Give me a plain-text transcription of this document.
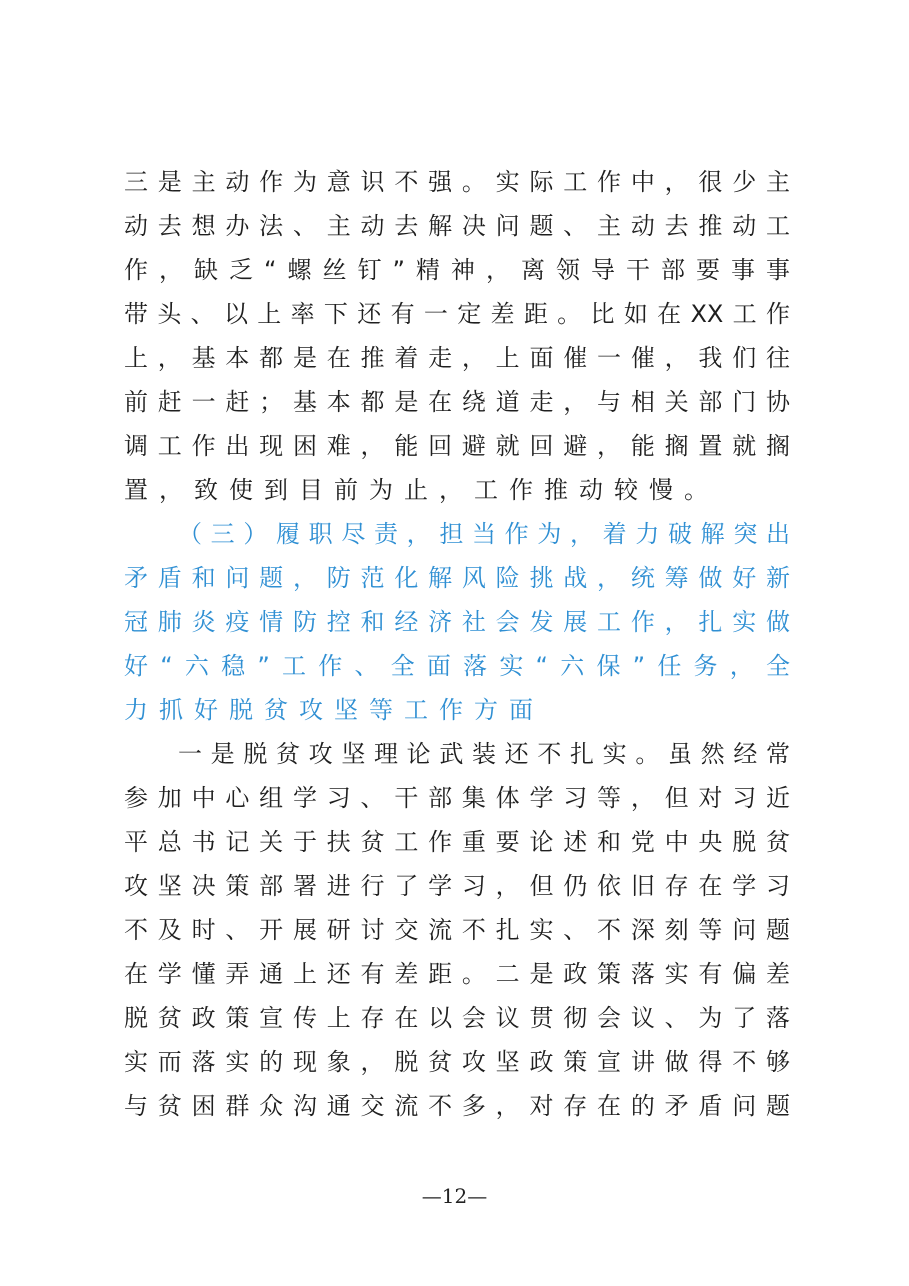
三是主动作为意识不强。实际工作中，很少主
动去想办法、主动去解决问题、主动去推动工
作，缺乏“螺丝钉”精神，离领导干部要事事
带头、以上率下还有一定差距。比如在XX工作
上，基本都是在推着走，上面催一催，我们往
前赶一赶；基本都是在绕道走，与相关部门协
调工作出现困难，能回避就回避，能搁置就搁
置，致使到目前为止，工作推动较慢。
（三）履职尽责，担当作为，着力破解突出
矛盾和问题，防范化解风险挑战，统筹做好新
冠肺炎疫情防控和经济社会发展工作，扎实做
好“六稳”工作、全面落实“六保”任务，全
力抓好脱贫攻坚等工作方面
一是脱贫攻坚理论武装还不扎实。虽然经常
参加中心组学习、干部集体学习等，但对习近
平总书记关于扶贫工作重要论述和党中央脱贫
攻坚决策部署进行了学习，但仍依旧存在学习
不及时、开展研讨交流不扎实、不深刻等问题
在学懂弄通上还有差距。二是政策落实有偏差
脱贫政策宣传上存在以会议贯彻会议、为了落
实而落实的现象，脱贫攻坚政策宣讲做得不够
与贫困群众沟通交流不多，对存在的矛盾问题
—12—
